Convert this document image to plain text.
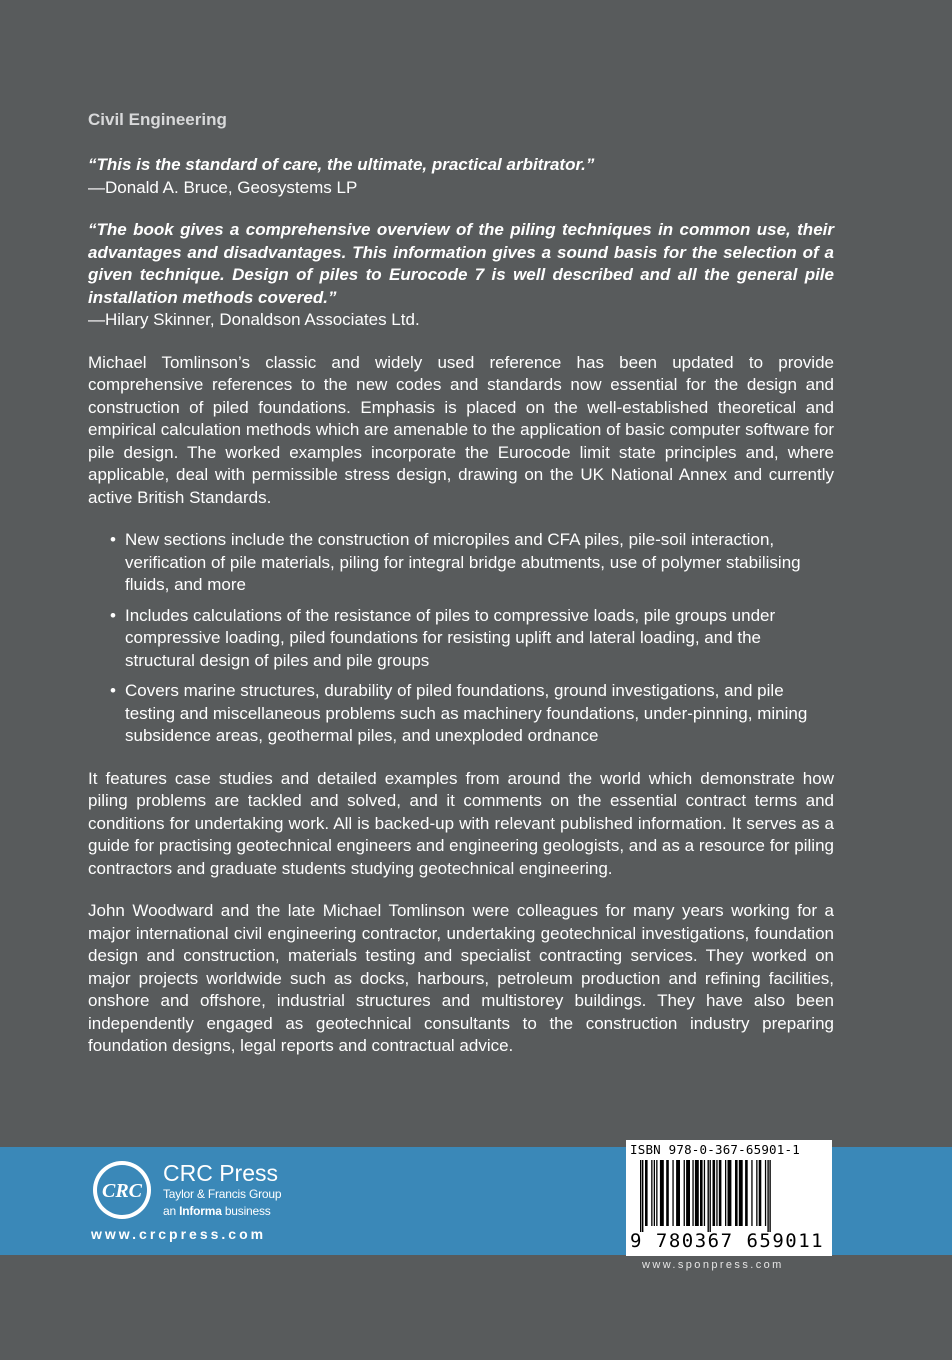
Civil Engineering
“This is the standard of care, the ultimate, practical arbitrator.”
—Donald A. Bruce, Geosystems LP
“The book gives a comprehensive overview of the piling techniques in common use, their advantages and disadvantages. This information gives a sound basis for the selection of a given technique. Design of piles to Eurocode 7 is well described and all the general pile installation methods covered.”
—Hilary Skinner, Donaldson Associates Ltd.

Michael Tomlinson’s classic and widely used reference has been updated to provide comprehensive references to the new codes and standards now essential for the design and construction of piled foundations. Emphasis is placed on the well-established theoretical and empirical calculation methods which are amenable to the application of basic computer software for pile design. The worked examples incorporate the Eurocode limit state principles and, where applicable, deal with permissible stress design, drawing on the UK National Annex and currently active British Standards.

• New sections include the construction of micropiles and CFA piles, pile-soil interaction, verification of pile materials, piling for integral bridge abutments, use of polymer stabilising fluids, and more
• Includes calculations of the resistance of piles to compressive loads, pile groups under compressive loading, piled foundations for resisting uplift and lateral loading, and the structural design of piles and pile groups
• Covers marine structures, durability of piled foundations, ground investigations, and pile testing and miscellaneous problems such as machinery foundations, under-pinning, mining subsidence areas, geothermal piles, and unexploded ordnance

It features case studies and detailed examples from around the world which demonstrate how piling problems are tackled and solved, and it comments on the essential contract terms and conditions for undertaking work. All is backed-up with relevant published information. It serves as a guide for practising geotechnical engineers and engineering geologists, and as a resource for piling contractors and graduate students studying geotechnical engineering.

John Woodward and the late Michael Tomlinson were colleagues for many years working for a major international civil engineering contractor, undertaking geotechnical investigations, foundation design and construction, materials testing and specialist contracting services. They worked on major projects worldwide such as docks, harbours, petroleum production and refining facilities, onshore and offshore, industrial structures and multistorey buildings. They have also been independently engaged as geotechnical consultants to the construction industry preparing foundation designs, legal reports and contractual advice.

CRC
CRC Press
Taylor & Francis Group
an Informa business
www.crcpress.com
ISBN 978-0-367-65901-1
9 780367 659011
www.sponpress.com
